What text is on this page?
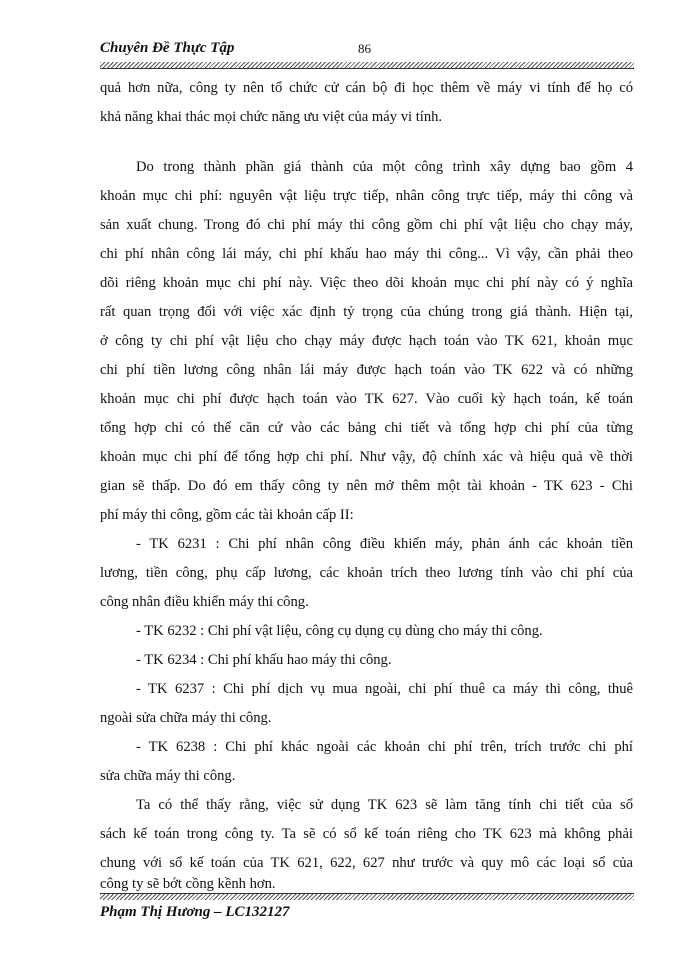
Chuyên Đề Thực Tập	86
quả hơn nữa, công ty nên tổ chức cử cán bộ đi học thêm về máy vi tính để họ có
khả năng khai thác mọi chức năng ưu việt của máy vi tính.
Do trong thành phần giá thành của một công trình xây dựng bao gồm 4
khoản mục chi phí: nguyên vật liệu trực tiếp, nhân công trực tiếp, máy thi công và
sản xuất chung. Trong đó chi phí máy thi công gồm chi phí vật liệu cho chạy máy,
chi phí nhân công lái máy, chi phí khấu hao máy thi công... Vì vậy, cần phải theo
dõi riêng khoản mục chi phí này. Việc theo dõi khoản mục chi phí này có ý nghĩa
rất quan trọng đối với việc xác định tỷ trọng của chúng trong giá thành. Hiện tại,
ở công ty chi phí vật liệu cho chạy máy được hạch toán vào TK 621, khoản mục
chi phí tiền lương công nhân lái máy được hạch toán vào TK 622 và có những
khoản mục chi phí được hạch toán vào TK 627. Vào cuối kỳ hạch toán, kế toán
tổng hợp chỉ có thể căn cứ vào các bảng chi tiết và tổng hợp chi phí của từng
khoản mục chi phí để tổng hợp chi phí. Như vậy, độ chính xác và hiệu quả về thời
gian sẽ thấp. Do đó em thấy công ty nên mở thêm một tài khoản - TK 623 - Chi
phí máy thi công, gồm các tài khoản cấp II:
- TK 6231 : Chi phí nhân công điều khiển máy, phản ánh các khoản tiền
lương, tiền công, phụ cấp lương, các khoản trích theo lương tính vào chi phí của
công nhân điều khiển máy thi công.
- TK 6232 : Chi phí vật liệu, công cụ dụng cụ dùng cho máy thi công.
- TK 6234 : Chi phí khấu hao máy thi công.
- TK 6237 : Chi phí dịch vụ mua ngoài, chi phí thuê ca máy thi công, thuê
ngoài sửa chữa máy thi công.
- TK 6238 : Chi phí khác ngoài các khoản chi phí trên, trích trước chi phí
sửa chữa máy thi công.
Ta có thể thấy rằng, việc sử dụng TK 623 sẽ làm tăng tính chi tiết của sổ
sách kế toán trong công ty. Ta sẽ có sổ kế toán riêng cho TK 623 mà không phải
chung với sổ kế toán của TK 621, 622, 627 như trước và quy mô các loại sổ của
công ty sẽ bớt cồng kềnh hơn.
Phạm Thị Hương – LC132127
